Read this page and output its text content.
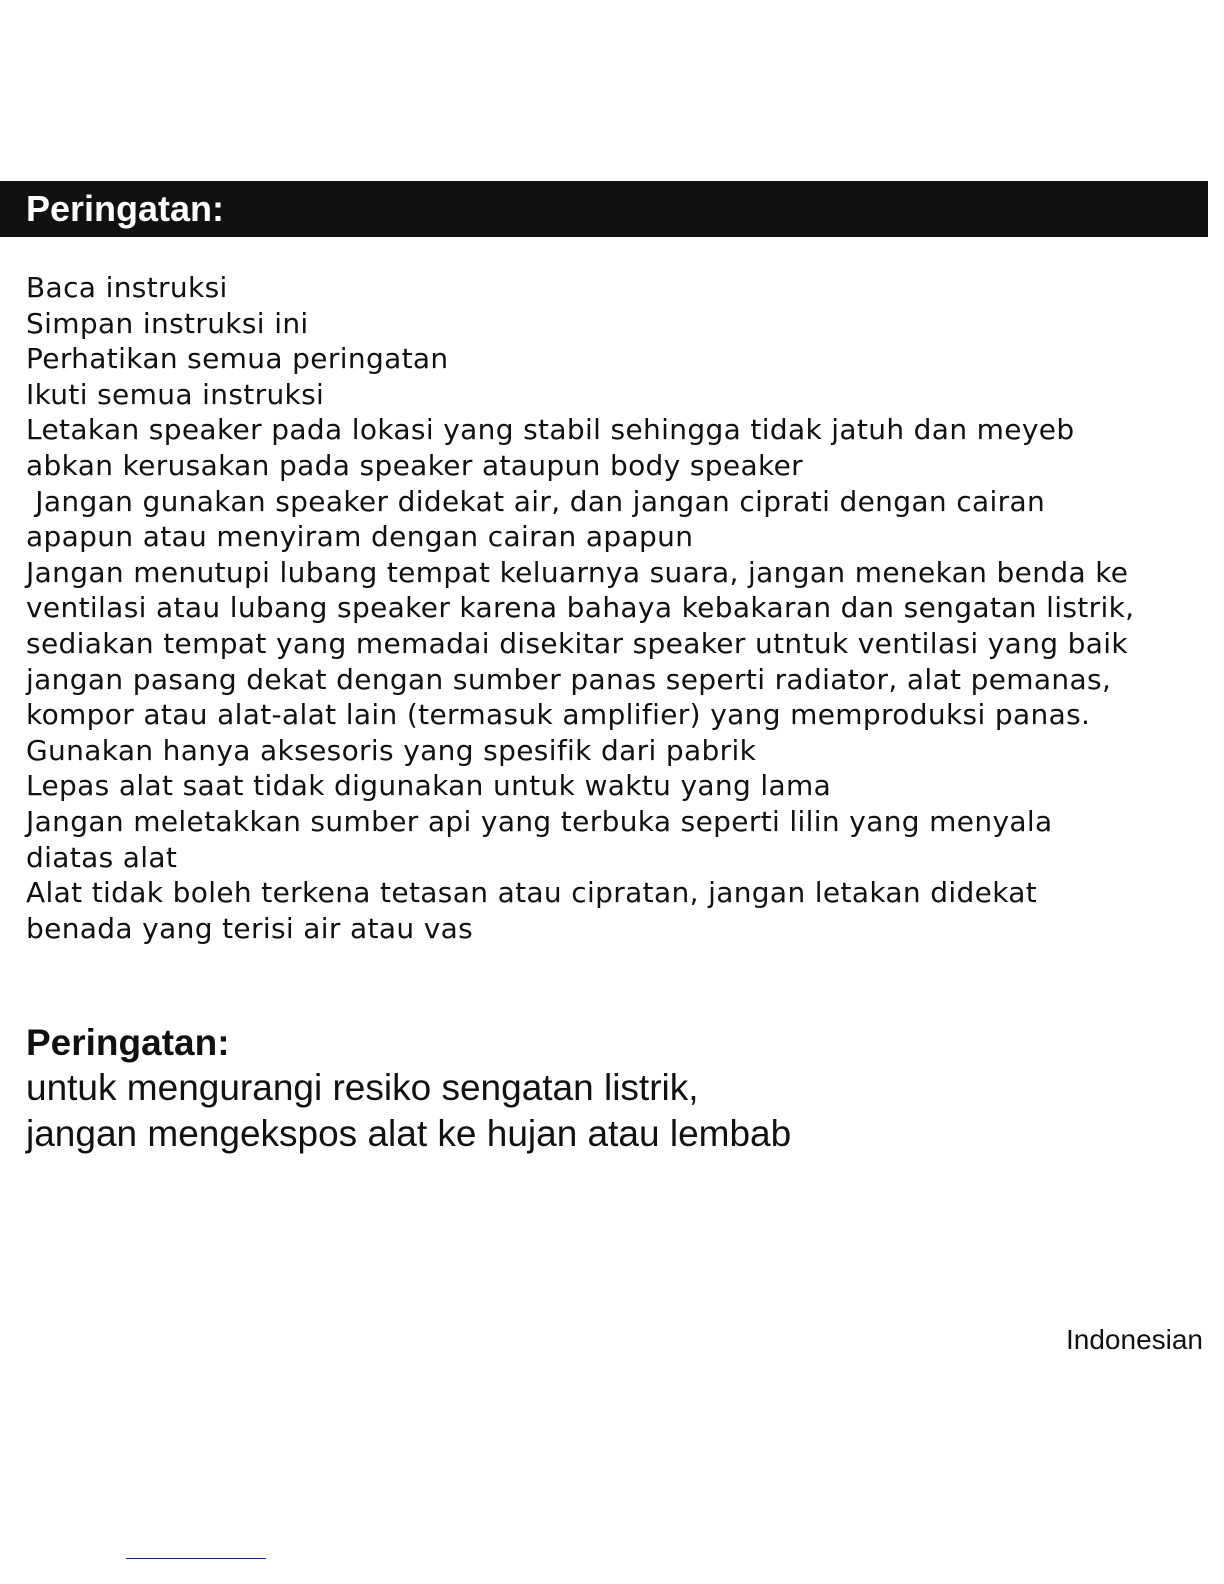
Peringatan:
Baca instruksi
Simpan instruksi ini
Perhatikan semua peringatan
Ikuti semua instruksi
Letakan speaker pada lokasi yang stabil sehingga tidak jatuh dan meyeb
abkan kerusakan pada speaker ataupun body speaker
Jangan gunakan speaker didekat air, dan jangan ciprati dengan cairan
apapun atau menyiram dengan cairan apapun
Jangan menutupi lubang tempat keluarnya suara, jangan menekan benda ke
ventilasi atau lubang speaker karena bahaya kebakaran dan sengatan listrik,
sediakan tempat yang memadai disekitar speaker utntuk ventilasi yang baik
jangan pasang dekat dengan sumber panas seperti radiator, alat pemanas,
kompor atau alat-alat lain (termasuk amplifier) yang memproduksi panas.
Gunakan hanya aksesoris yang spesifik dari pabrik
Lepas alat saat tidak digunakan untuk waktu yang lama
Jangan meletakkan sumber api yang terbuka seperti lilin yang menyala
diatas alat
Alat tidak boleh terkena tetasan atau cipratan, jangan letakan didekat
benada yang terisi air atau vas
Peringatan:
untuk mengurangi resiko sengatan listrik,
jangan mengekspos alat ke hujan atau lembab
Indonesian
